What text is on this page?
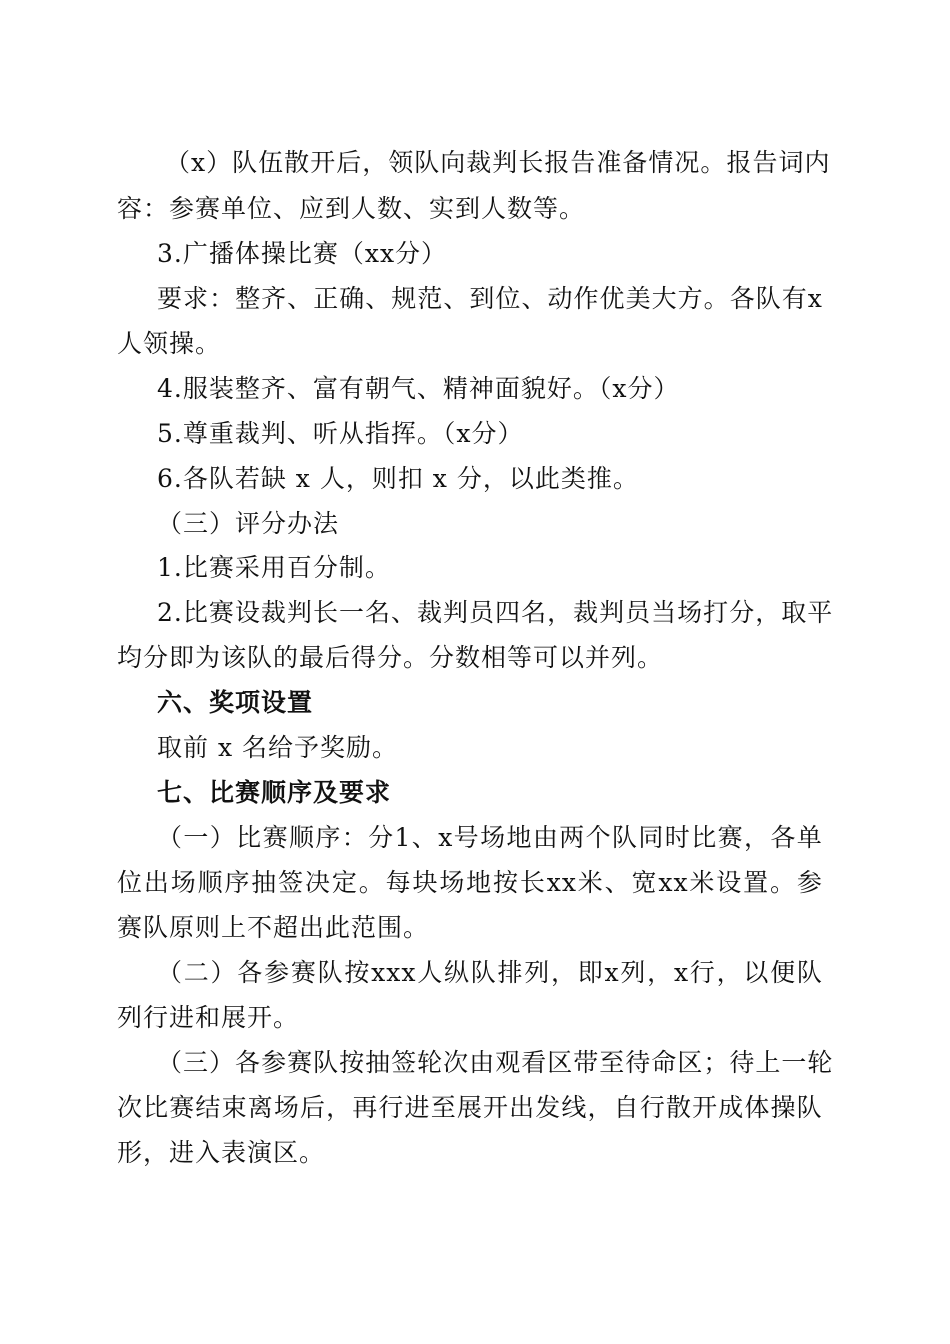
（ x ） 队 伍 散 开 后 ， 领 队 向 裁 判 长 报 告 准 备 情 况 。 报 告 词 内
容：参赛单位、应到人数、实到人数等。
3.广播体操比赛（xx分）
要 求 ： 整 齐 、 正 确 、 规 范 、 到 位 、 动 作 优 美 大 方 。 各 队 有 x
人领操。
4.服装整齐、富有朝气、精神面貌好。（x分）
5.尊重裁判、听从指挥。（x分）
6.各队若缺 x 人，则扣 x 分，以此类推。
（三）评分办法
1.比赛采用百分制。
2. 比 赛 设 裁 判 长 一 名 、 裁 判 员 四 名 ， 裁 判 员 当 场 打 分 ， 取 平
均分即为该队的最后得分。分数相等可以并列。
六、奖项设置
取前 x 名给予奖励。
七、比赛顺序及要求
（ 一 ） 比 赛 顺 序 ： 分 1 、 x 号 场 地 由 两 个 队 同 时 比 赛 ， 各 单
位 出 场 顺 序 抽 签 决 定 。 每 块 场 地 按 长 xx 米 、 宽 xx 米 设 置 。 参
赛队原则上不超出此范围。
（ 二 ） 各 参 赛 队 按 xxx 人 纵 队 排 列 ， 即 x 列 ， x 行 ， 以 便 队
列行进和展开。
（ 三 ） 各 参 赛 队 按 抽 签 轮 次 由 观 看 区 带 至 待 命 区 ； 待 上 一 轮
次 比 赛 结 束 离 场 后 ， 再 行 进 至 展 开 出 发 线 ， 自 行 散 开 成 体 操 队
形，进入表演区。
